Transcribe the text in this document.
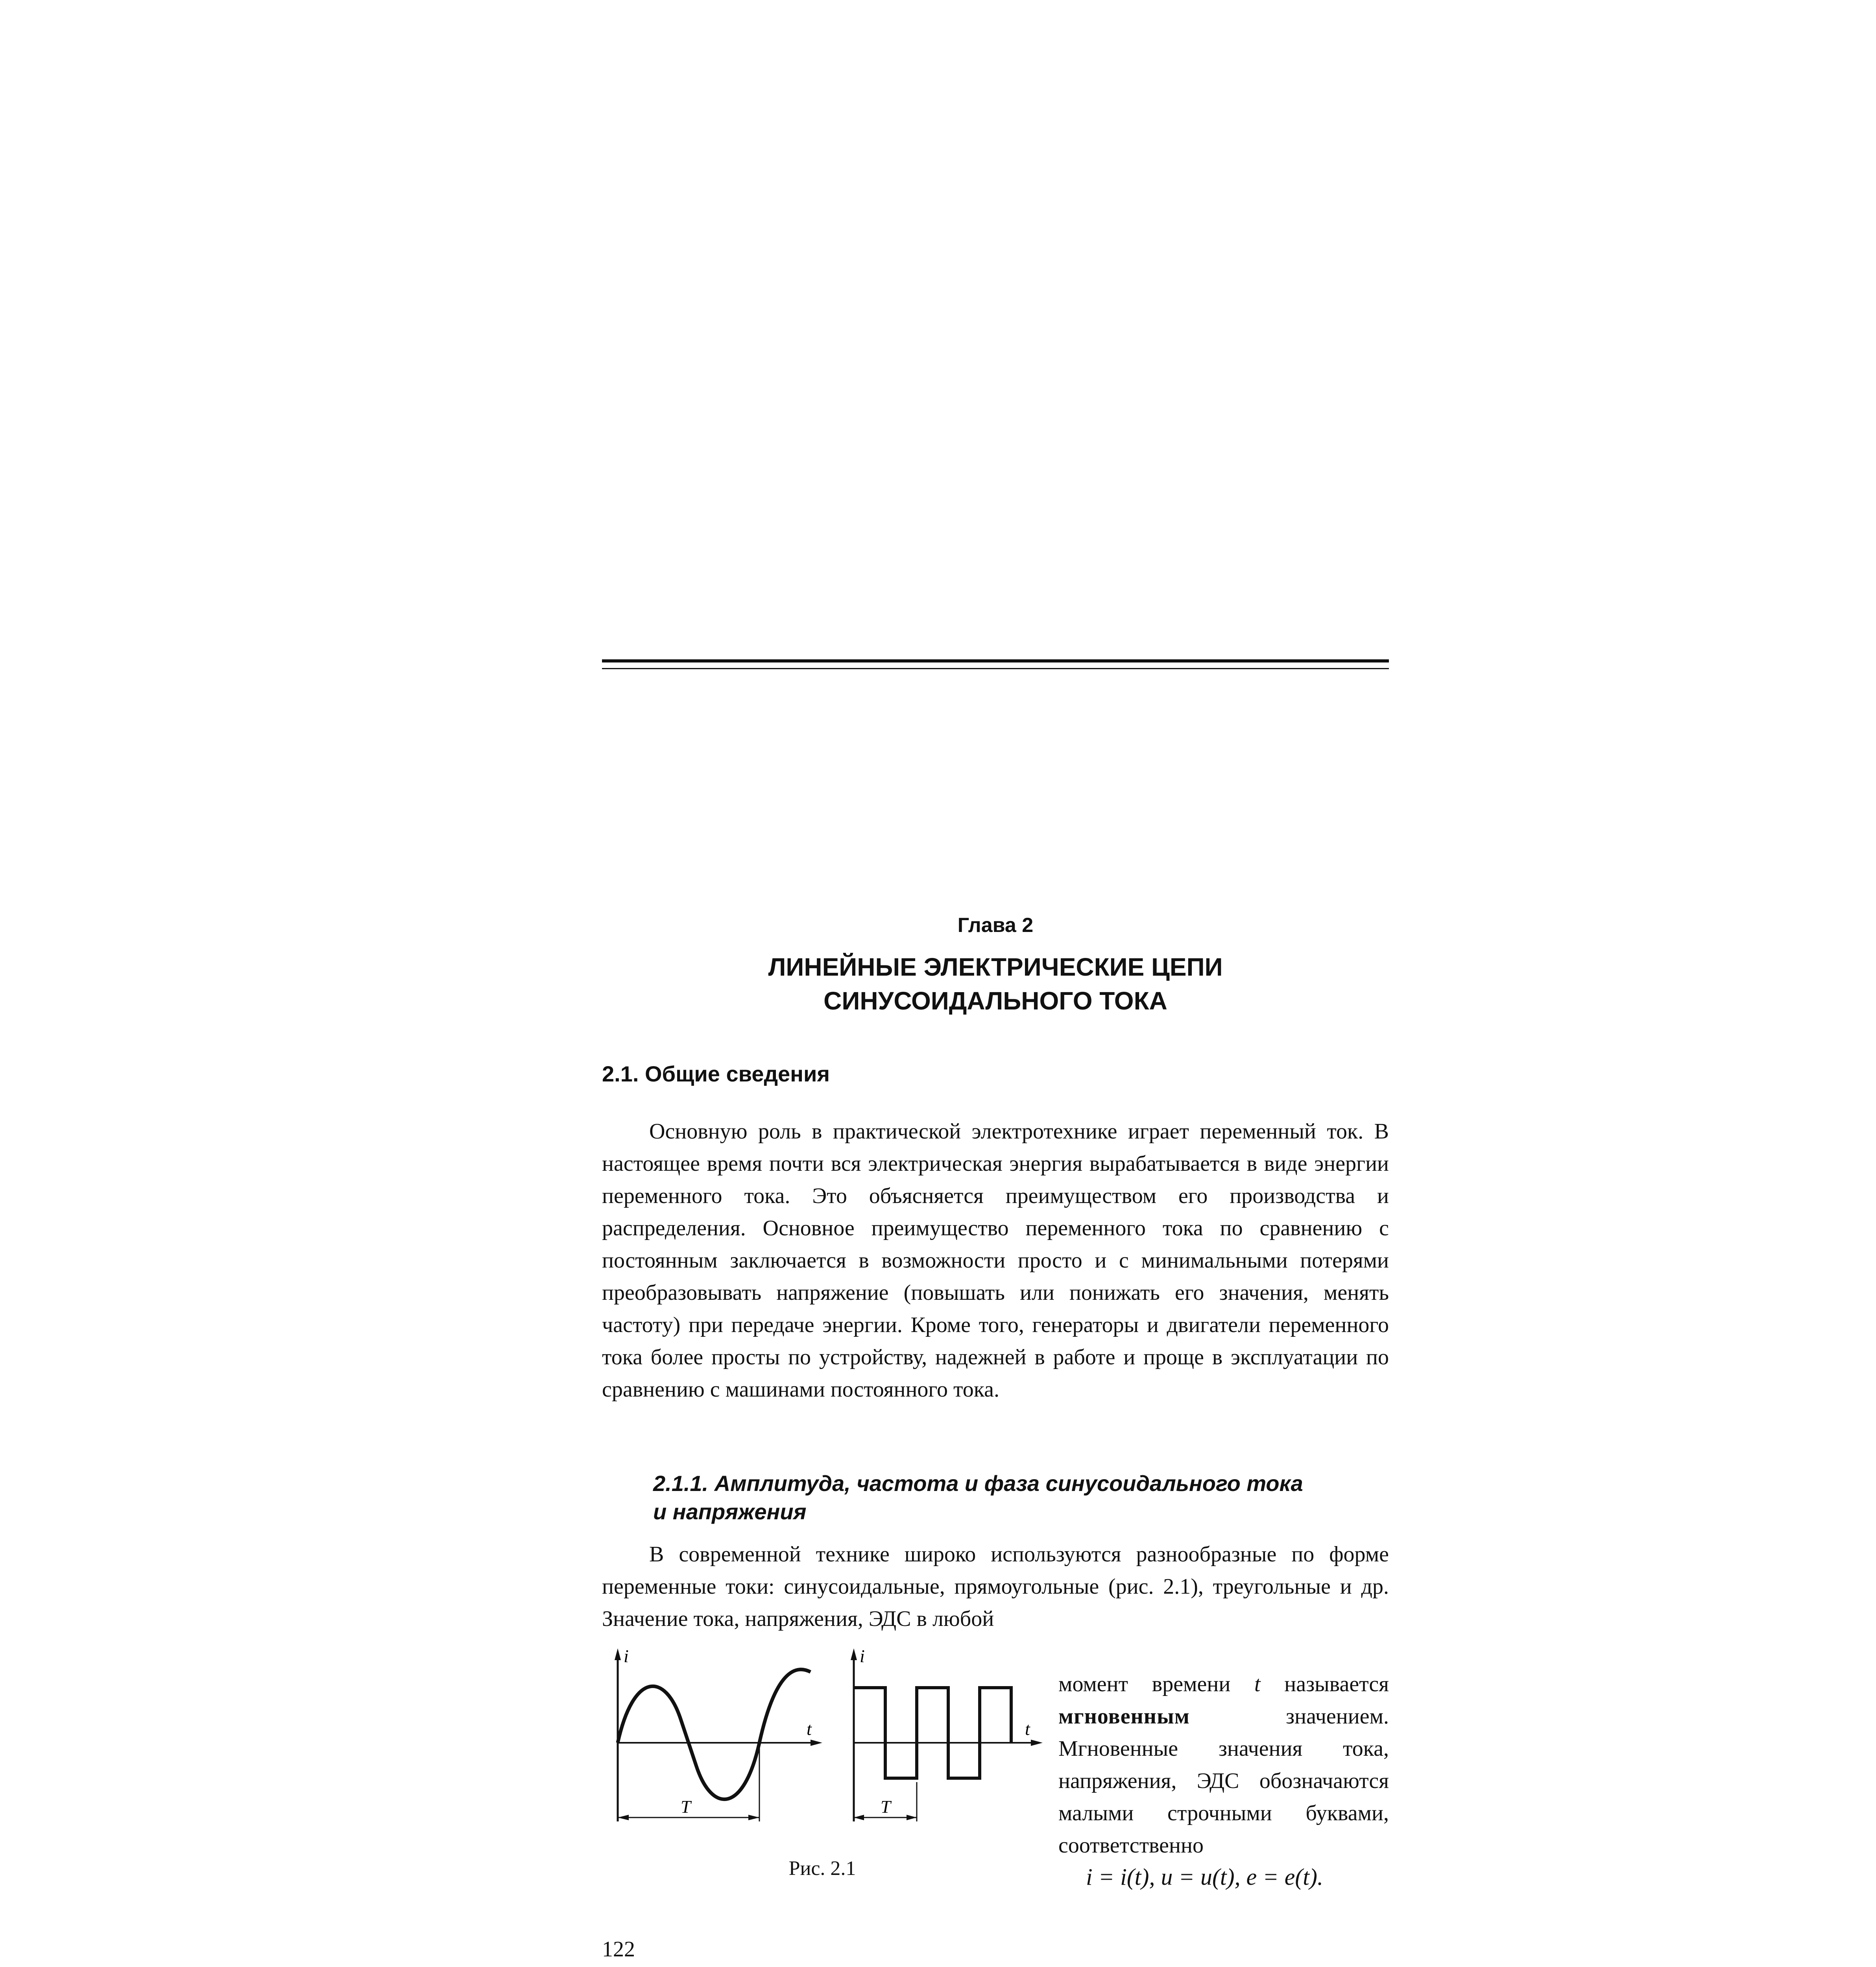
Глава 2
ЛИНЕЙНЫЕ ЭЛЕКТРИЧЕСКИЕ ЦЕПИ
СИНУСОИДАЛЬНОГО ТОКА
2.1. Общие сведения

Основную роль в практической электротехнике играет переменный ток. В настоящее время почти вся электрическая энергия вырабатывается в виде энергии переменного тока. Это объясняется преимуществом его производства и распределения. Основное преимущество переменного тока по сравнению с постоянным заключается в возможности просто и с минимальными потерями преобразовывать напряжение (повышать или понижать его значения, менять частоту) при передаче энергии. Кроме того, генераторы и двигатели переменного тока более просты по устройству, надежней в работе и проще в эксплуатации по сравнению с машинами постоянного тока.

2.1.1. Амплитуда, частота и фаза синусоидального тока
и напряжения

В современной технике широко используются разнообразные по форме переменные токи: синусоидальные, прямоугольные (рис. 2.1), треугольные и др. Значение тока, напряжения, ЭДС в любой

i
t
T
i
t
T
Рис. 2.1

момент времени t называется мгновенным значением. Мгновенные значения тока, напряжения, ЭДС обозначаются малыми строчными буквами, соответственно

i = i(t), u = u(t), e = e(t).
122
